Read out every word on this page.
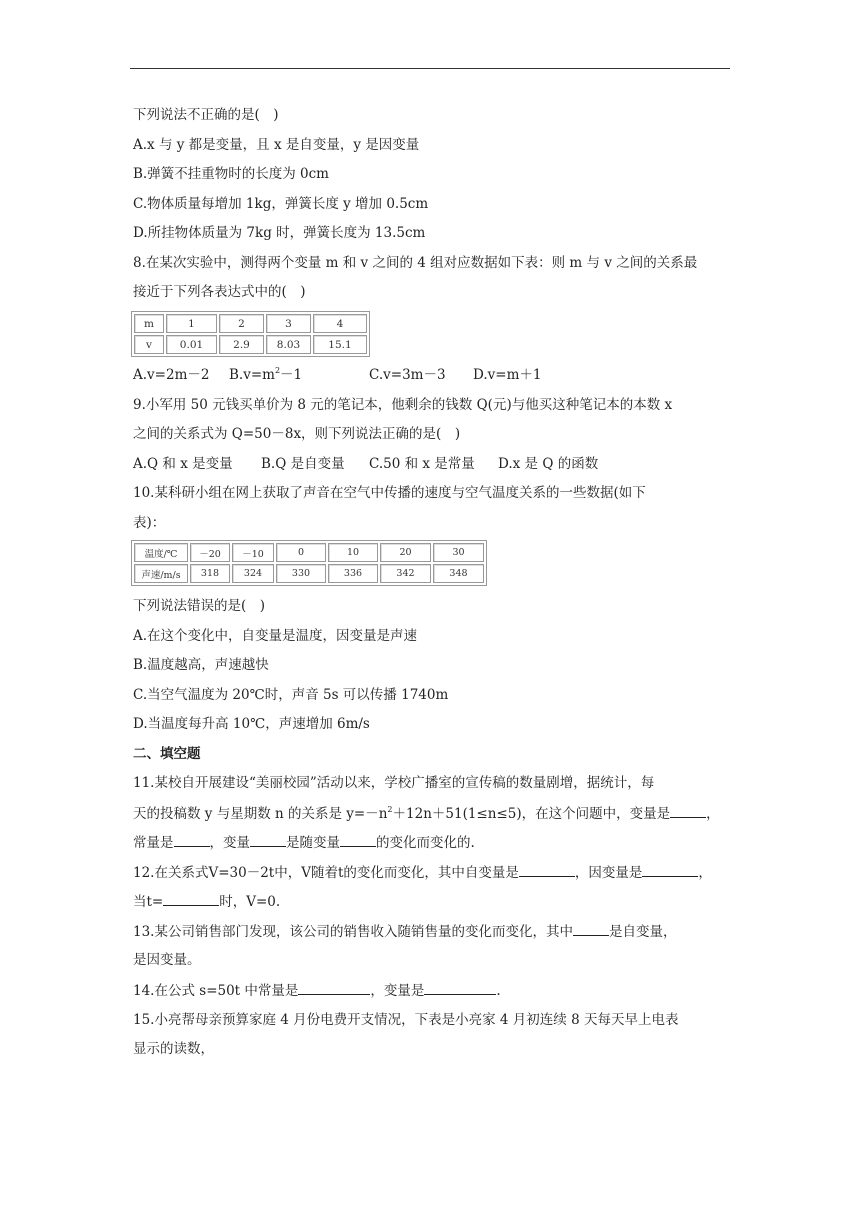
下列说法不正确的是(　)
A.x 与 y 都是变量，且 x 是自变量，y 是因变量
B.弹簧不挂重物时的长度为 0cm
C.物体质量每增加 1kg，弹簧长度 y 增加 0.5cm
D.所挂物体质量为 7kg 时，弹簧长度为 13.5cm
8.在某次实验中，测得两个变量 m 和 v 之间的 4 组对应数据如下表：则 m 与 v 之间的关系最
接近于下列各表达式中的(　)
m	1	2	3	4
v	0.01	2.9	8.03	15.1
A.v=2m－2 $B.v=m^2-1$	C.v=3m－3 D.v=m＋1
9.小军用 50 元钱买单价为 8 元的笔记本，他剩余的钱数 Q(元)与他买这种笔记本的本数 x
之间的关系式为 Q=50－8x，则下列说法正确的是(　)
A.Q 和 x 是变量 B.Q 是自变量 C.50 和 x 是常量 D.x 是 Q 的函数
10.某科研小组在网上获取了声音在空气中传播的速度与空气温度关系的一些数据(如下
表)：
温度/℃	－20	－10	0	10	20	30
声速/m/s	318	324	330	336	342	348
下列说法错误的是(　)
A.在这个变化中，自变量是温度，因变量是声速
B.温度越高，声速越快
C.当空气温度为 20℃时，声音 5s 可以传播 1740m
D.当温度每升高 10℃，声速增加 6m/s
二、填空题
11.某校自开展建设“美丽校园”活动以来，学校广播室的宣传稿的数量剧增，据统计，每
天的投稿数 y 与星期数 n 的关系是 $y=-n^2+12n+51(1\le n\le 5)$，在这个问题中，变量是	，
常量是	，变量	是随变量	的变化而变化的.
12.在关系式V=30－2t中，V随着t的变化而变化，其中自变量是	，因变量是	，
当t=	时，V=0.
13.某公司销售部门发现，该公司的销售收入随销售量的变化而变化，其中	是自变量，
是因变量。
14.在公式 s=50t 中常量是	，变量是	.
15.小亮帮母亲预算家庭 4 月份电费开支情况，下表是小亮家 4 月初连续 8 天每天早上电表
显示的读数，
